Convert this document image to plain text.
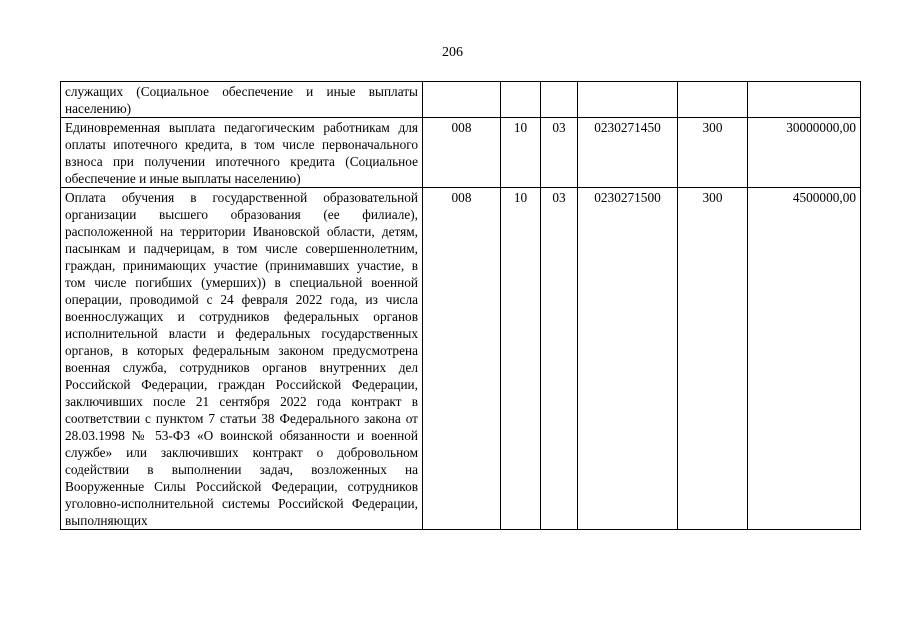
206
служащих (Социальное обеспечение и иные выплаты населению)						
Единовременная выплата педагогическим работникам для оплаты ипотечного кредита, в том числе первоначального взноса при получении ипотечного кредита (Социальное обеспечение и иные выплаты населению)	008	10	03	0230271450	300	30000000,00
Оплата обучения в государственной образовательной организации высшего образования (ее филиале), расположенной на территории Ивановской области, детям, пасынкам и падчерицам, в том числе совершеннолетним, граждан, принимающих участие (принимавших участие, в том числе погибших (умерших)) в специальной военной операции, проводимой с 24 февраля 2022 года, из числа военнослужащих и сотрудников федеральных органов исполнительной власти и федеральных государственных органов, в которых федеральным законом предусмотрена военная служба, сотрудников органов внутренних дел Российской Федерации, граждан Российской Федерации, заключивших после 21 сентября 2022 года контракт в соответствии с пунктом 7 статьи 38 Федерального закона от 28.03.1998 № 53-ФЗ «О воинской обязанности и военной службе» или заключивших контракт о добровольном содействии в выполнении задач, возложенных на Вооруженные Силы Российской Федерации, сотрудников уголовно-исполнительной системы Российской Федерации, выполняющих	008	10	03	0230271500	300	4500000,00
